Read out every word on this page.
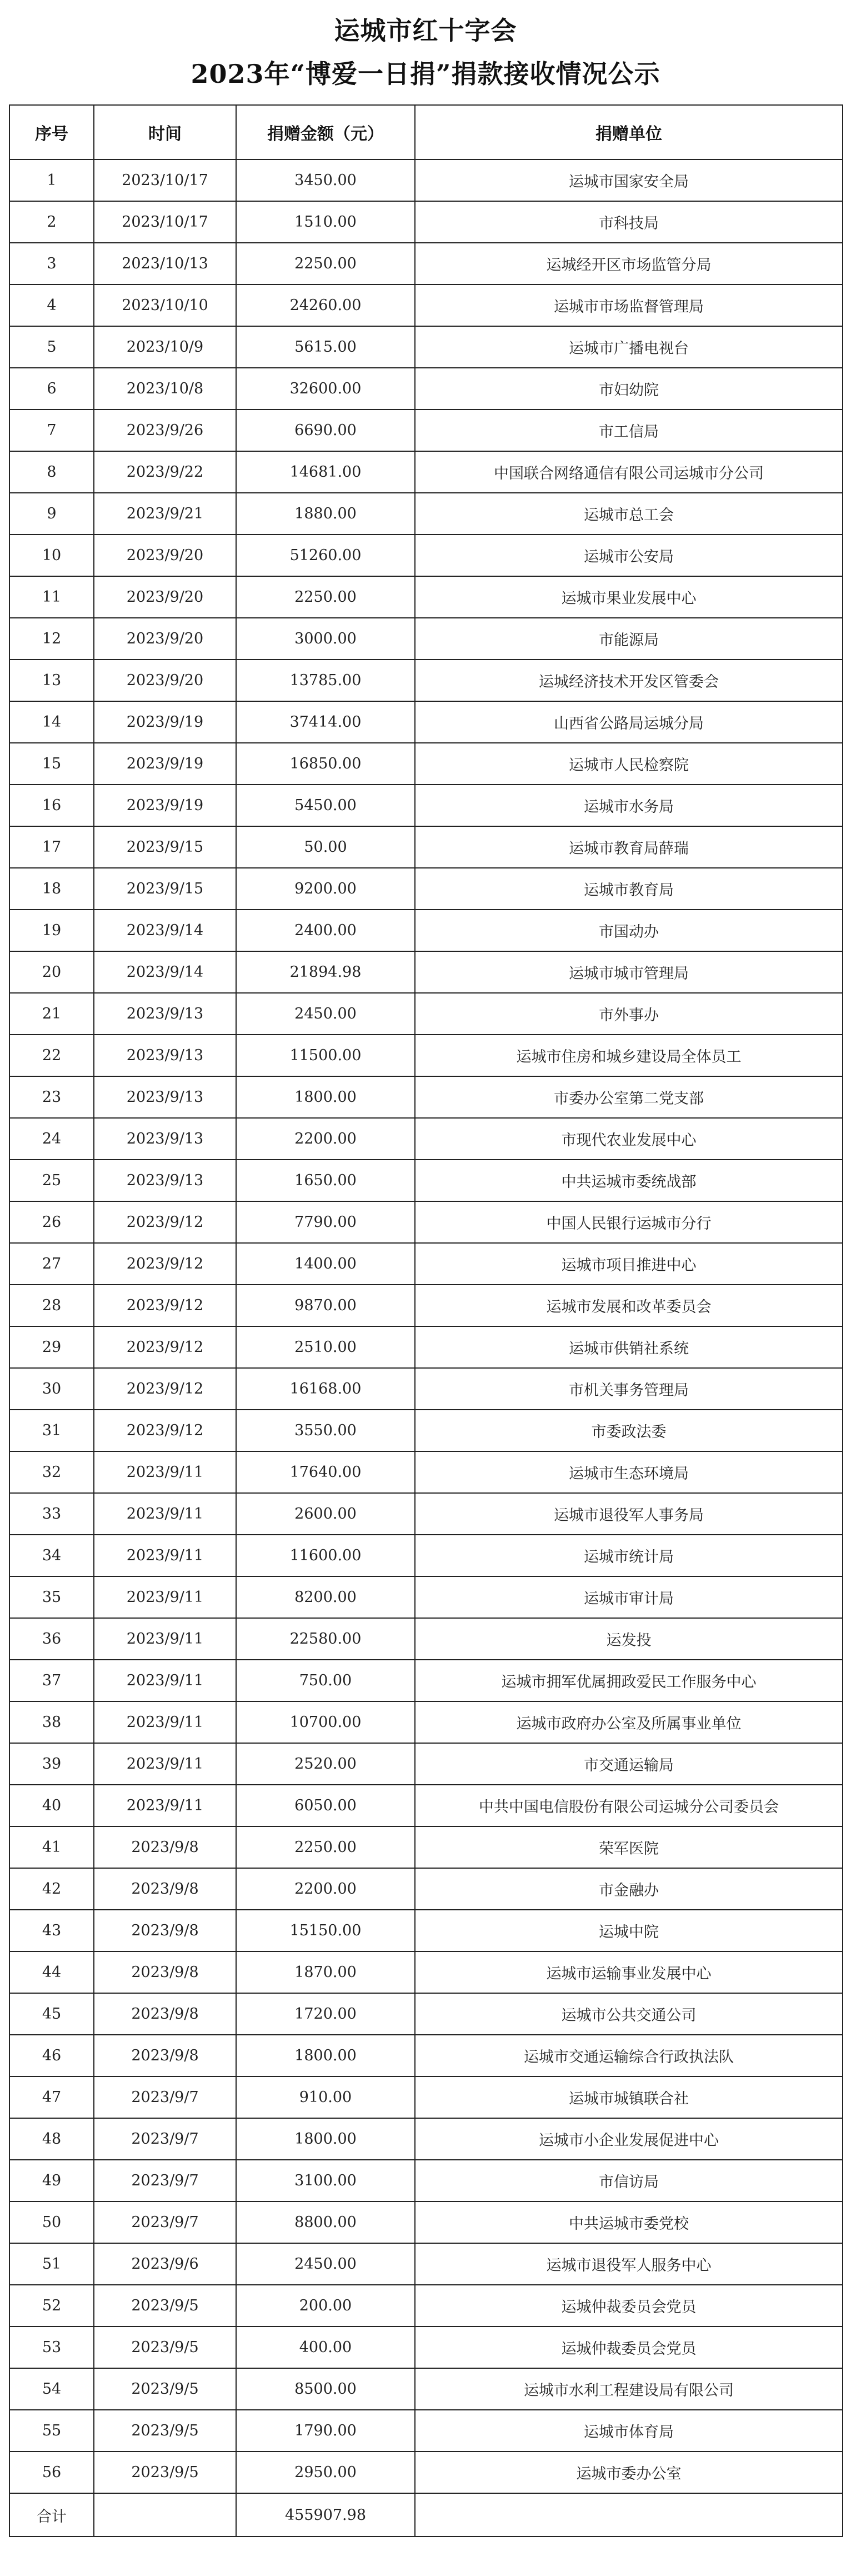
运城市红十字会
2023年“博爱一日捐”捐款接收情况公示
序号	时间	捐赠金额（元）	捐赠单位
1	2023/10/17	3450.00	运城市国家安全局
2	2023/10/17	1510.00	市科技局
3	2023/10/13	2250.00	运城经开区市场监管分局
4	2023/10/10	24260.00	运城市市场监督管理局
5	2023/10/9	5615.00	运城市广播电视台
6	2023/10/8	32600.00	市妇幼院
7	2023/9/26	6690.00	市工信局
8	2023/9/22	14681.00	中国联合网络通信有限公司运城市分公司
9	2023/9/21	1880.00	运城市总工会
10	2023/9/20	51260.00	运城市公安局
11	2023/9/20	2250.00	运城市果业发展中心
12	2023/9/20	3000.00	市能源局
13	2023/9/20	13785.00	运城经济技术开发区管委会
14	2023/9/19	37414.00	山西省公路局运城分局
15	2023/9/19	16850.00	运城市人民检察院
16	2023/9/19	5450.00	运城市水务局
17	2023/9/15	50.00	运城市教育局薛瑞
18	2023/9/15	9200.00	运城市教育局
19	2023/9/14	2400.00	市国动办
20	2023/9/14	21894.98	运城市城市管理局
21	2023/9/13	2450.00	市外事办
22	2023/9/13	11500.00	运城市住房和城乡建设局全体员工
23	2023/9/13	1800.00	市委办公室第二党支部
24	2023/9/13	2200.00	市现代农业发展中心
25	2023/9/13	1650.00	中共运城市委统战部
26	2023/9/12	7790.00	中国人民银行运城市分行
27	2023/9/12	1400.00	运城市项目推进中心
28	2023/9/12	9870.00	运城市发展和改革委员会
29	2023/9/12	2510.00	运城市供销社系统
30	2023/9/12	16168.00	市机关事务管理局
31	2023/9/12	3550.00	市委政法委
32	2023/9/11	17640.00	运城市生态环境局
33	2023/9/11	2600.00	运城市退役军人事务局
34	2023/9/11	11600.00	运城市统计局
35	2023/9/11	8200.00	运城市审计局
36	2023/9/11	22580.00	运发投
37	2023/9/11	750.00	运城市拥军优属拥政爱民工作服务中心
38	2023/9/11	10700.00	运城市政府办公室及所属事业单位
39	2023/9/11	2520.00	市交通运输局
40	2023/9/11	6050.00	中共中国电信股份有限公司运城分公司委员会
41	2023/9/8	2250.00	荣军医院
42	2023/9/8	2200.00	市金融办
43	2023/9/8	15150.00	运城中院
44	2023/9/8	1870.00	运城市运输事业发展中心
45	2023/9/8	1720.00	运城市公共交通公司
46	2023/9/8	1800.00	运城市交通运输综合行政执法队
47	2023/9/7	910.00	运城市城镇联合社
48	2023/9/7	1800.00	运城市小企业发展促进中心
49	2023/9/7	3100.00	市信访局
50	2023/9/7	8800.00	中共运城市委党校
51	2023/9/6	2450.00	运城市退役军人服务中心
52	2023/9/5	200.00	运城仲裁委员会党员
53	2023/9/5	400.00	运城仲裁委员会党员
54	2023/9/5	8500.00	运城市水利工程建设局有限公司
55	2023/9/5	1790.00	运城市体育局
56	2023/9/5	2950.00	运城市委办公室
合计		455907.98	
